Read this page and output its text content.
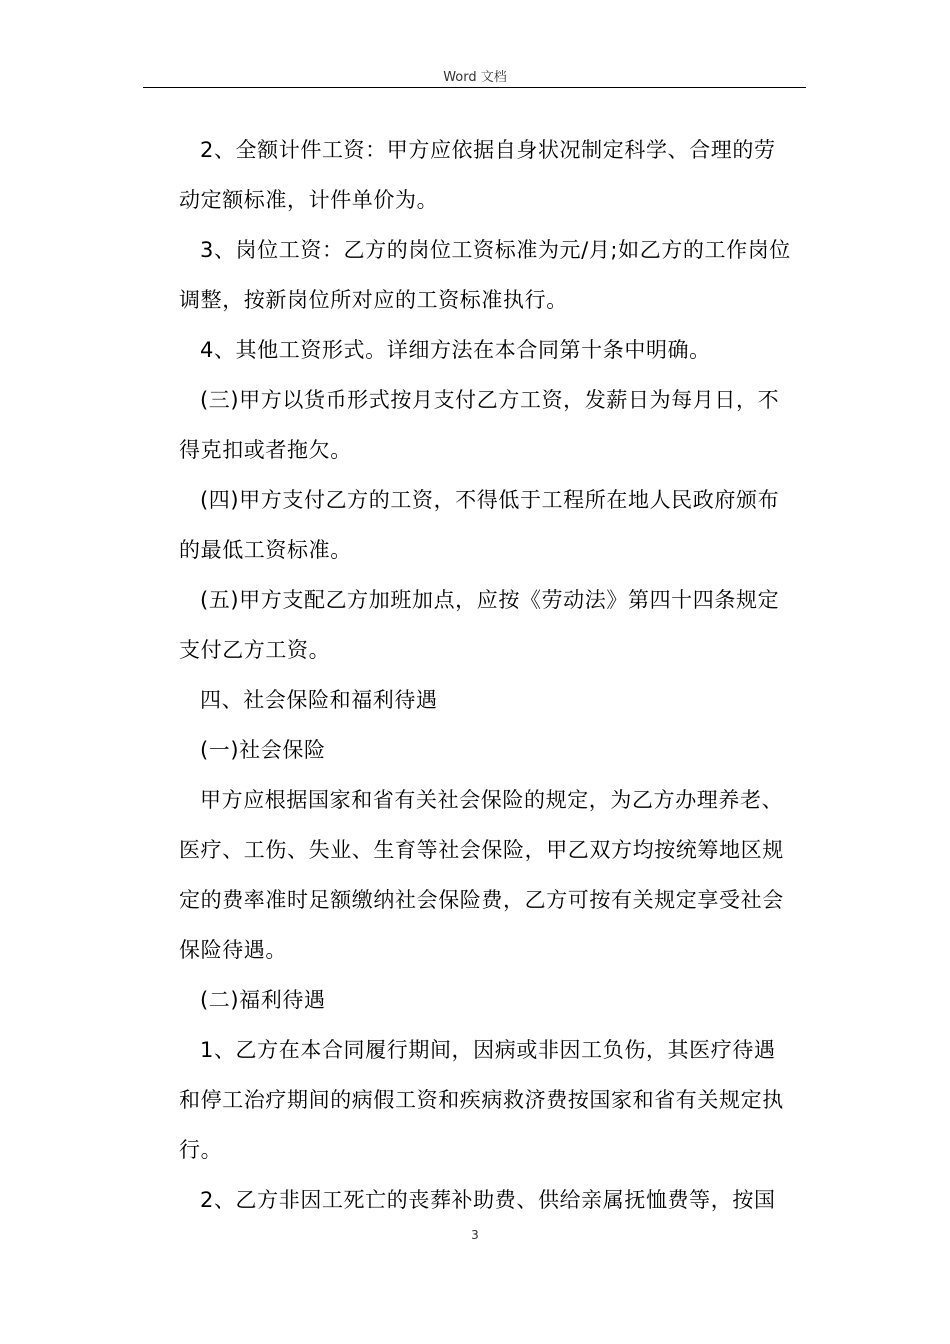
Word 文档
2、全额计件工资：甲方应依据自身状况制定科学、合理的劳
动定额标准，计件单价为。
3、岗位工资：乙方的岗位工资标准为元/月;如乙方的工作岗位
调整，按新岗位所对应的工资标准执行。
4、其他工资形式。详细方法在本合同第十条中明确。
(三)甲方以货币形式按月支付乙方工资，发薪日为每月日，不
得克扣或者拖欠。
(四)甲方支付乙方的工资，不得低于工程所在地人民政府颁布
的最低工资标准。
(五)甲方支配乙方加班加点，应按《劳动法》第四十四条规定
支付乙方工资。
四、社会保险和福利待遇
(一)社会保险
甲方应根据国家和省有关社会保险的规定，为乙方办理养老、
医疗、工伤、失业、生育等社会保险，甲乙双方均按统筹地区规
定的费率准时足额缴纳社会保险费，乙方可按有关规定享受社会
保险待遇。
(二)福利待遇
1、乙方在本合同履行期间，因病或非因工负伤，其医疗待遇
和停工治疗期间的病假工资和疾病救济费按国家和省有关规定执
行。
2、乙方非因工死亡的丧葬补助费、供给亲属抚恤费等，按国
3
